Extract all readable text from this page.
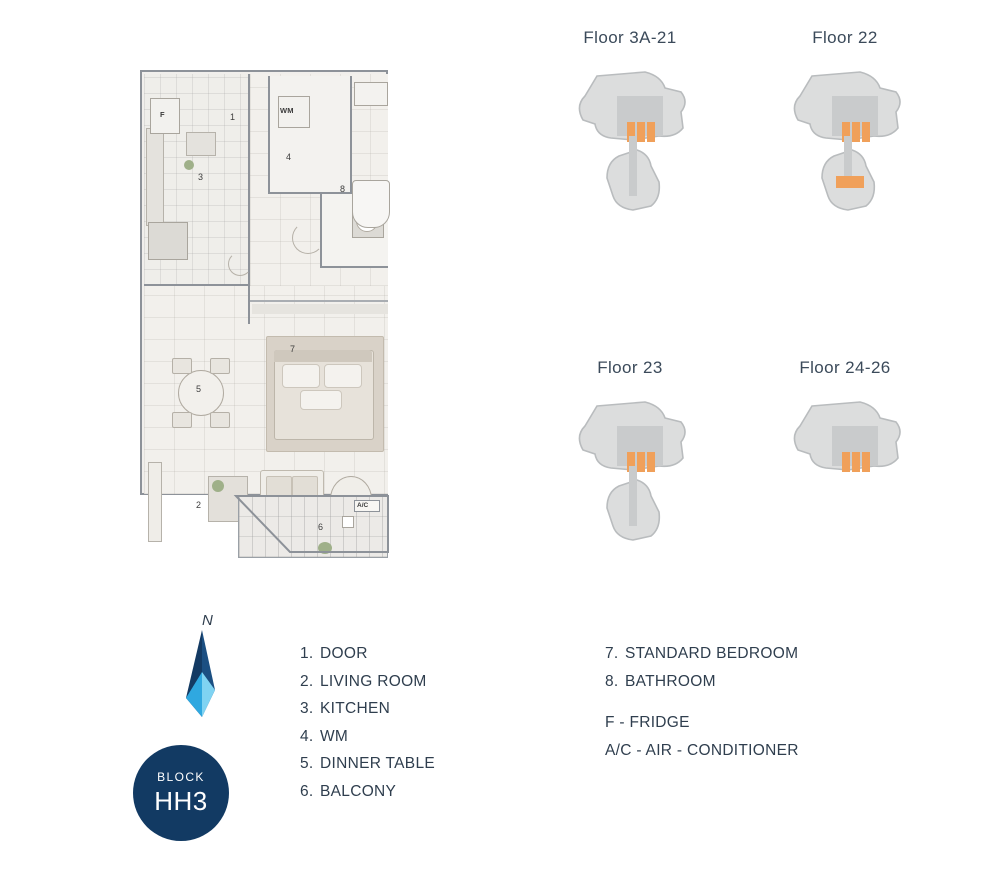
A/C
F	WM
1
2
3
4
5
6
7
8
Floor 3A-21	Floor 22
Floor 23	Floor 24-26
N
BLOCK
HH3
1. DOOR
2. LIVING ROOM
3. KITCHEN
4. WM
5. DINNER TABLE
6. BALCONY
7. STANDARD BEDROOM
8. BATHROOM
F - FRIDGE
A/C - AIR - CONDITIONER
